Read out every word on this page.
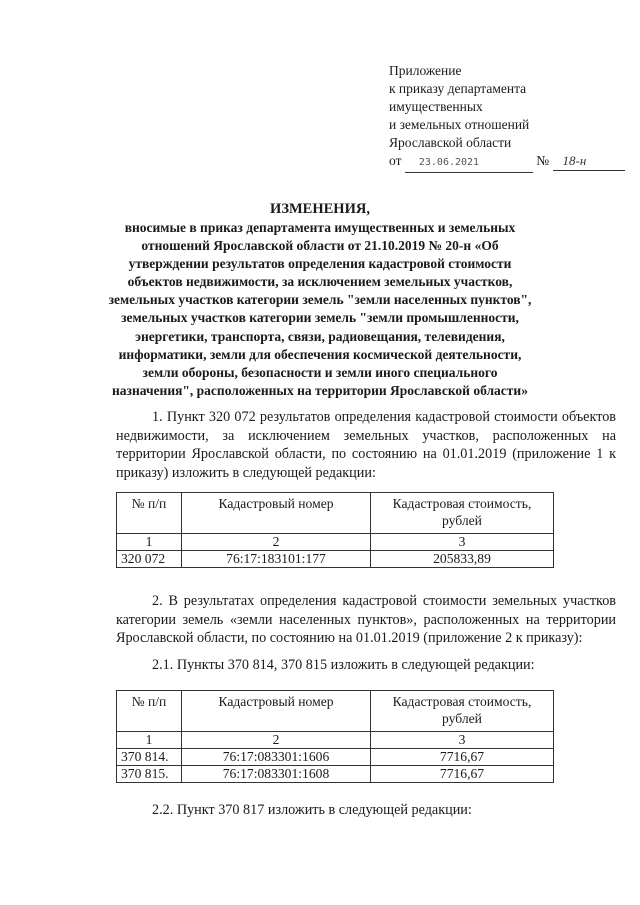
Приложение
к приказу департамента
имущественных
и земельных отношений
Ярославской области
от 23.06.2021	№ 18-н
ИЗМЕНЕНИЯ,
вносимые в приказ департамента имущественных и земельных отношений Ярославской области от 21.10.2019 № 20-н «Об утверждении результатов определения кадастровой стоимости объектов недвижимости, за исключением земельных участков, земельных участков категории земель "земли населенных пунктов", земельных участков категории земель "земли промышленности, энергетики, транспорта, связи, радиовещания, телевидения, информатики, земли для обеспечения космической деятельности, земли обороны, безопасности и земли иного специального назначения", расположенных на территории Ярославской области»
1. Пункт 320 072 результатов определения кадастровой стоимости объектов недвижимости, за исключением земельных участков, расположенных на территории Ярославской области, по состоянию на 01.01.2019 (приложение 1 к приказу) изложить в следующей редакции:
№ п/п	Кадастровый номер	Кадастровая стоимость, рублей
1	2	3
320 072	76:17:183101:177	205833,89
2. В результатах определения кадастровой стоимости земельных участков категории земель «земли населенных пунктов», расположенных на территории Ярославской области, по состоянию на 01.01.2019 (приложение 2 к приказу):
2.1. Пункты 370 814, 370 815 изложить в следующей редакции:
№ п/п	Кадастровый номер	Кадастровая стоимость, рублей
1	2	3
370 814.	76:17:083301:1606	7716,67
370 815.	76:17:083301:1608	7716,67
2.2. Пункт 370 817 изложить в следующей редакции:
